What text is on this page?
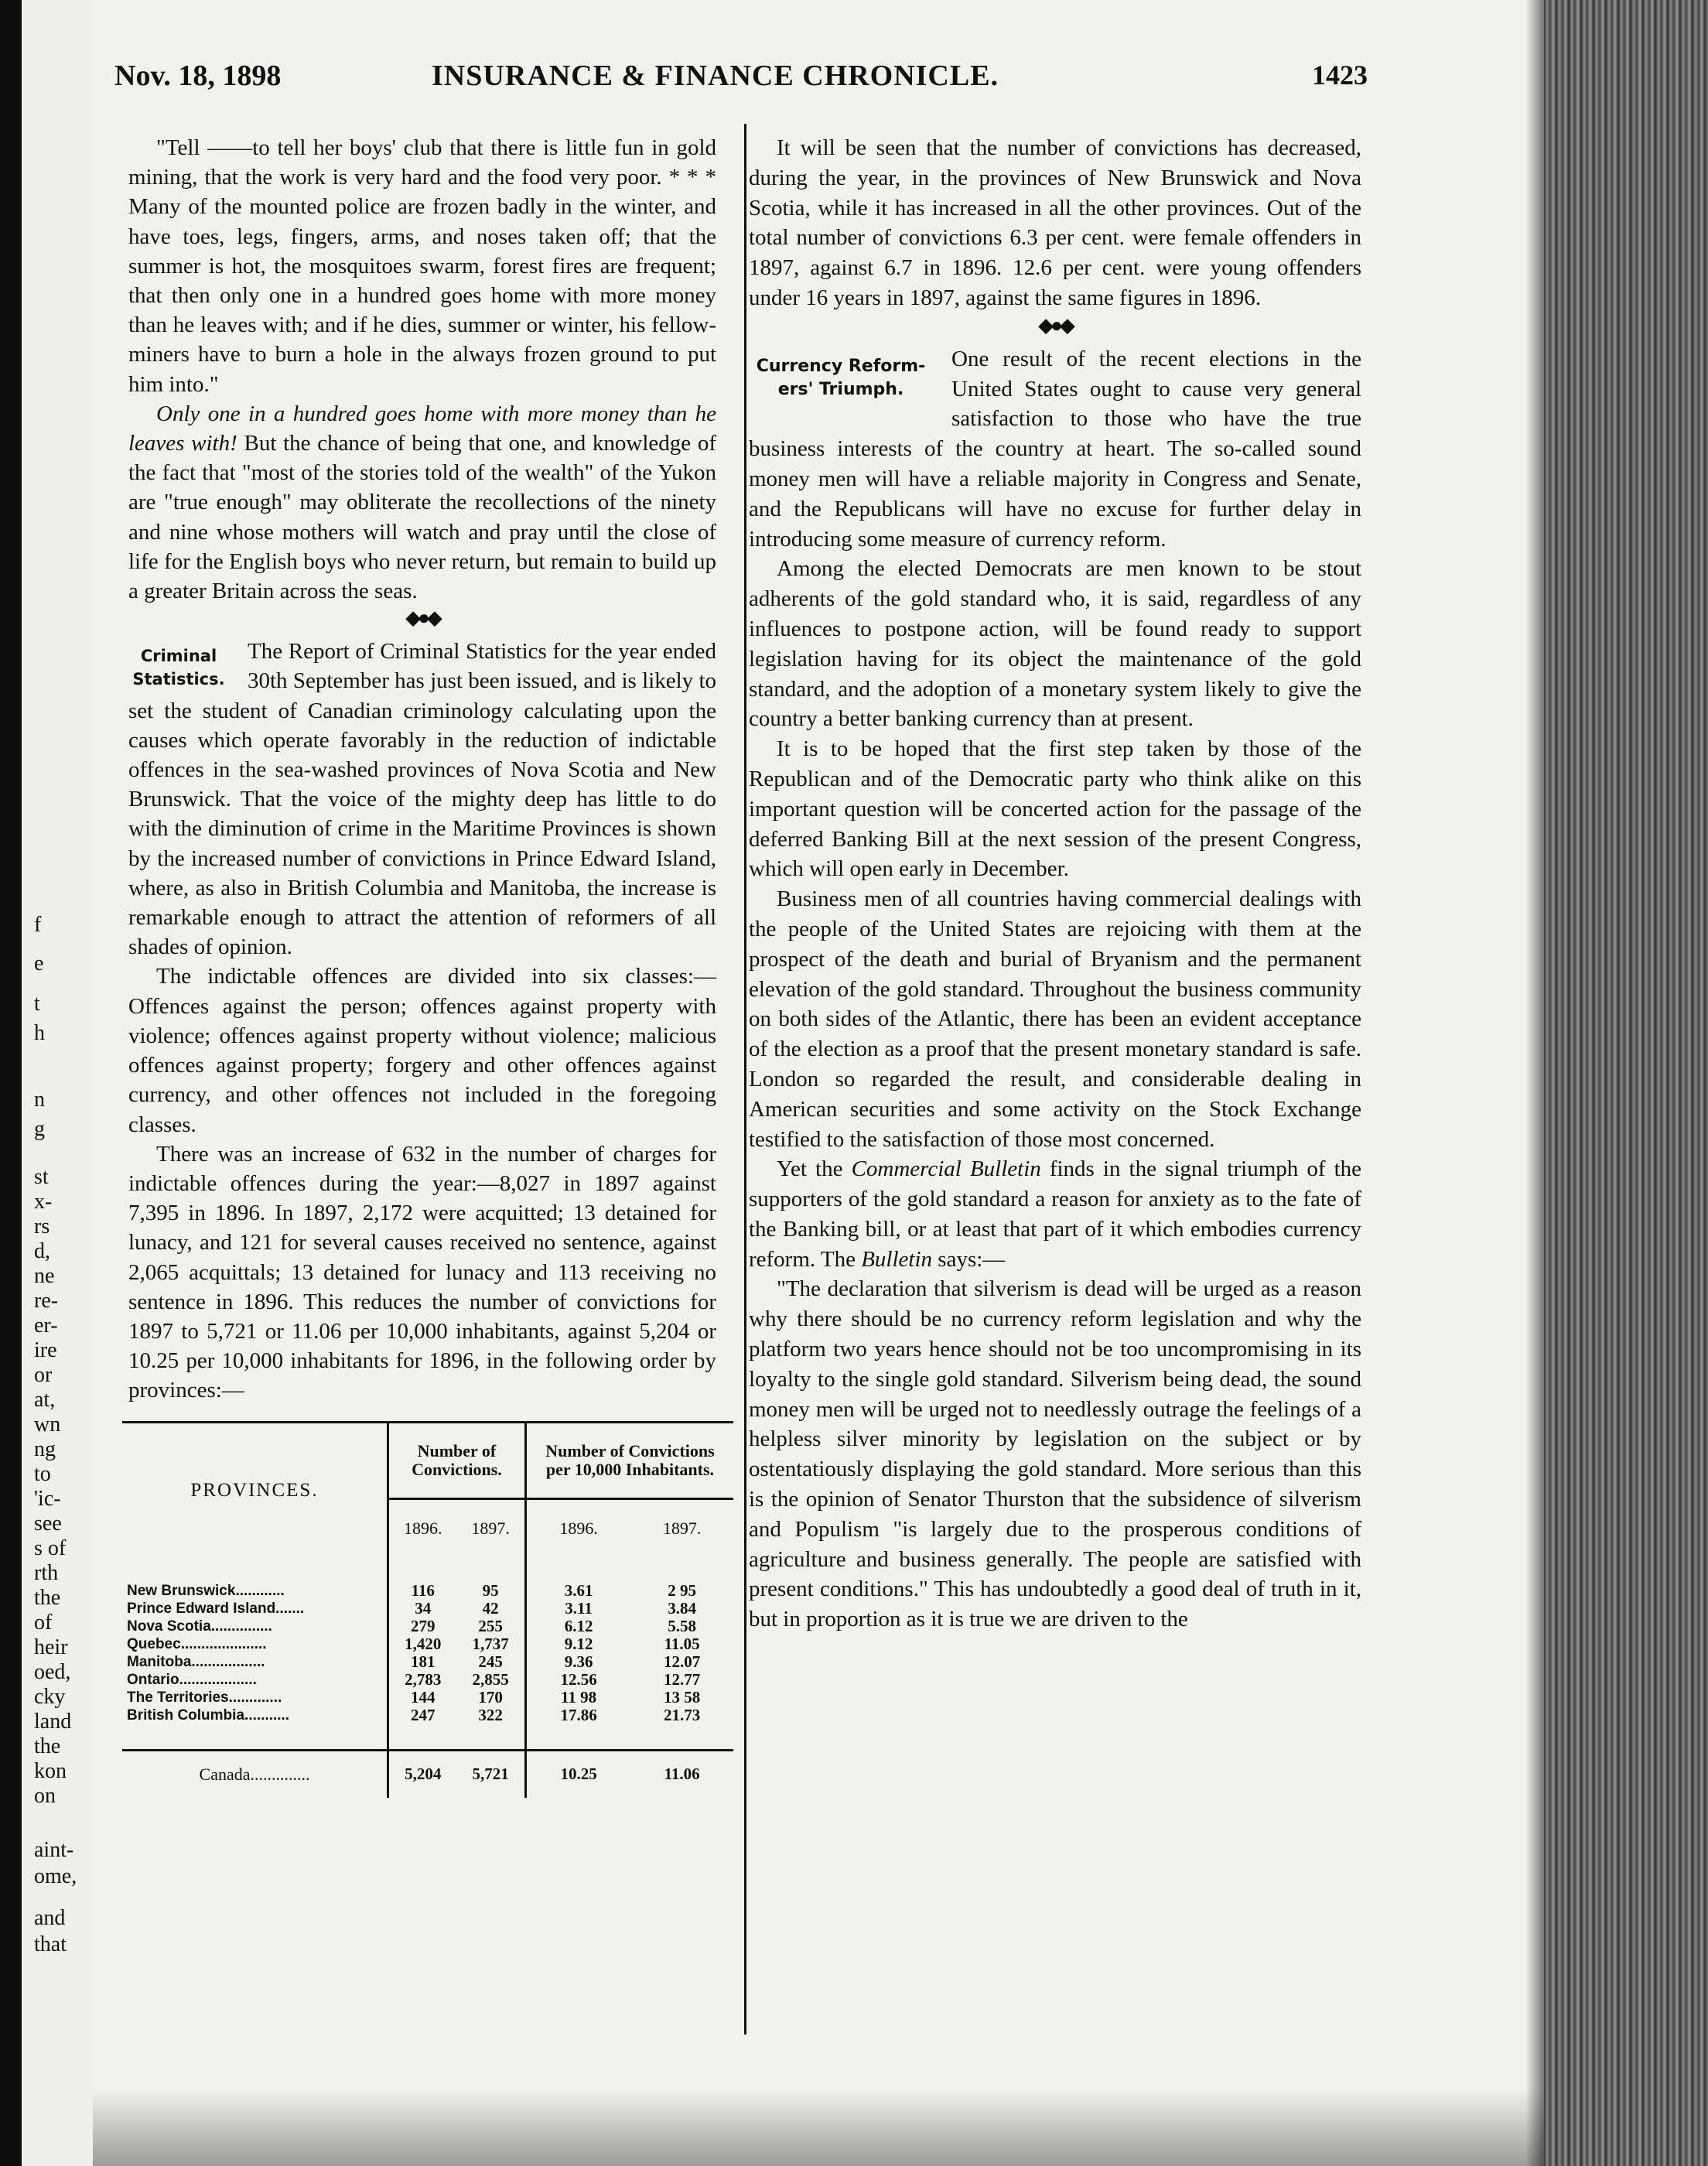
f
e
t
h
n
g
st
x-
rs
d,
ne
re-
er-
ire
or
at,
wn
ng
to
'ic-
see
s of
rth
the
of
heir
oed,
cky
land
the
kon
on
aint-
ome,
and
that
Nov. 18, 1898	INSURANCE & FINANCE CHRONICLE.	1423

"Tell ——to tell her boys' club that there is little fun in gold mining, that the work is very hard and the food very poor. * * * Many of the mounted police are frozen badly in the winter, and have toes, legs, fingers, arms, and noses taken off; that the summer is hot, the mosquitoes swarm, forest fires are frequent; that then only one in a hundred goes home with more money than he leaves with; and if he dies, summer or winter, his fellow-miners have to burn a hole in the always frozen ground to put him into."

Only one in a hundred goes home with more money than he leaves with! But the chance of being that one, and knowledge of the fact that "most of the stories told of the wealth" of the Yukon are "true enough" may obliterate the recollections of the ninety and nine whose mothers will watch and pray until the close of life for the English boys who never return, but remain to build up a greater Britain across the seas.

◆●◆
Criminal
Statistics.

The Report of Criminal Statistics for the year ended 30th September has just been issued, and is likely to set the student of Canadian criminology calculating upon the causes which operate favorably in the reduction of indictable offences in the sea-washed provinces of Nova Scotia and New Brunswick. That the voice of the mighty deep has little to do with the diminution of crime in the Maritime Provinces is shown by the increased number of convictions in Prince Edward Island, where, as also in British Columbia and Manitoba, the increase is remarkable enough to attract the attention of reformers of all shades of opinion.

The indictable offences are divided into six classes:—Offences against the person; offences against property with violence; offences against property without violence; malicious offences against property; forgery and other offences against currency, and other offences not included in the foregoing classes.

There was an increase of 632 in the number of charges for indictable offences during the year:—8,027 in 1897 against 7,395 in 1896. In 1897, 2,172 were acquitted; 13 detained for lunacy, and 121 for several causes received no sentence, against 2,065 acquittals; 13 detained for lunacy and 113 receiving no sentence in 1896. This reduces the number of convictions for 1897 to 5,721 or 11.06 per 10,000 inhabitants, against 5,204 or 10.25 per 10,000 inhabitants for 1896, in the following order by provinces:—

PROVINCES.	Number of Convictions.		Number of Convictions per 10,000 Inhabitants.	
	1896.	1897.	1896.	1897.

New Brunswick............	116	95	3.61	2 95
Prince Edward Island.......	34	42	3.11	3.84
Nova Scotia...............	279	255	6.12	5.58
Quebec.....................	1,420	1,737	9.12	11.05
Manitoba..................	181	245	9.36	12.07
Ontario...................	2,783	2,855	12.56	12.77
The Territories.............	144	170	11 98	13 58
British Columbia...........	247	322	17.86	21.73

Canada..............	5,204	5,721	10.25	11.06

It will be seen that the number of convictions has decreased, during the year, in the provinces of New Brunswick and Nova Scotia, while it has increased in all the other provinces. Out of the total number of convictions 6.3 per cent. were female offenders in 1897, against 6.7 in 1896. 12.6 per cent. were young offenders under 16 years in 1897, against the same figures in 1896.

◆●◆
Currency Reform-
ers' Triumph.

One result of the recent elections in the United States ought to cause very general satisfaction to those who have the true business interests of the country at heart. The so-called sound money men will have a reliable majority in Congress and Senate, and the Republicans will have no excuse for further delay in introducing some measure of currency reform.

Among the elected Democrats are men known to be stout adherents of the gold standard who, it is said, regardless of any influences to postpone action, will be found ready to support legislation having for its object the maintenance of the gold standard, and the adoption of a monetary system likely to give the country a better banking currency than at present.

It is to be hoped that the first step taken by those of the Republican and of the Democratic party who think alike on this important question will be concerted action for the passage of the deferred Banking Bill at the next session of the present Congress, which will open early in December.

Business men of all countries having commercial dealings with the people of the United States are rejoicing with them at the prospect of the death and burial of Bryanism and the permanent elevation of the gold standard. Throughout the business community on both sides of the Atlantic, there has been an evident acceptance of the election as a proof that the present monetary standard is safe. London so regarded the result, and considerable dealing in American securities and some activity on the Stock Exchange testified to the satisfaction of those most concerned.

Yet the Commercial Bulletin finds in the signal triumph of the supporters of the gold standard a reason for anxiety as to the fate of the Banking bill, or at least that part of it which embodies currency reform. The Bulletin says:—

"The declaration that silverism is dead will be urged as a reason why there should be no currency reform legislation and why the platform two years hence should not be too uncompromising in its loyalty to the single gold standard. Silverism being dead, the sound money men will be urged not to needlessly outrage the feelings of a helpless silver minority by legislation on the subject or by ostentatiously displaying the gold standard. More serious than this is the opinion of Senator Thurston that the subsidence of silverism and Populism "is largely due to the prosperous conditions of agriculture and business generally. The people are satisfied with present conditions." This has undoubtedly a good deal of truth in it, but in proportion as it is true we are driven to the
